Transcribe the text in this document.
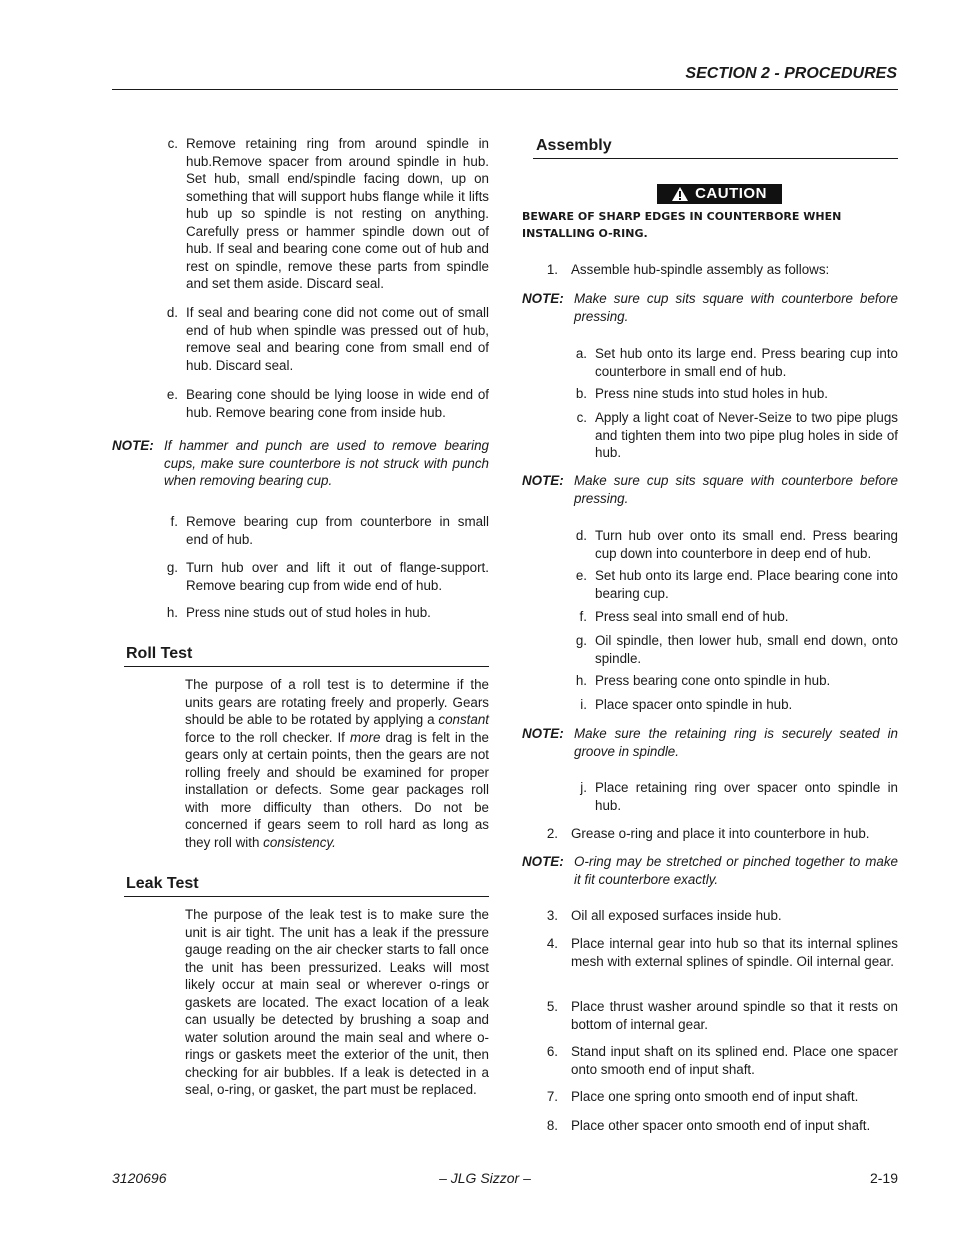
SECTION 2 - PROCEDURES
c. Remove retaining ring from around spindle in hub.Remove spacer from around spindle in hub. Set hub, small end/spindle facing down, up on something that will support hubs flange while it lifts hub up so spindle is not resting on anything. Carefully press or hammer spindle down out of hub. If seal and bearing cone come out of hub and rest on spindle, remove these parts from spindle and set them aside. Discard seal.
d. If seal and bearing cone did not come out of small end of hub when spindle was pressed out of hub, remove seal and bearing cone from small end of hub. Discard seal.
e. Bearing cone should be lying loose in wide end of hub. Remove bearing cone from inside hub.
NOTE: If hammer and punch are used to remove bearing cups, make sure counterbore is not struck with punch when removing bearing cup.
f. Remove bearing cup from counterbore in small end of hub.
g. Turn hub over and lift it out of flange-support. Remove bearing cup from wide end of hub.
h. Press nine studs out of stud holes in hub.
Roll Test
The purpose of a roll test is to determine if the units gears are rotating freely and properly. Gears should be able to be rotated by applying a constant force to the roll checker. If more drag is felt in the gears only at certain points, then the gears are not rolling freely and should be examined for proper installation or defects. Some gear packages roll with more difficulty than others. Do not be concerned if gears seem to roll hard as long as they roll with consistency.
Leak Test
The purpose of the leak test is to make sure the unit is air tight. The unit has a leak if the pressure gauge reading on the air checker starts to fall once the unit has been pressurized. Leaks will most likely occur at main seal or wherever o-rings or gaskets are located. The exact location of a leak can usually be detected by brushing a soap and water solution around the main seal and where o-rings or gaskets meet the exterior of the unit, then checking for air bubbles. If a leak is detected in a seal, o-ring, or gasket, the part must be replaced.
Assembly
CAUTION
BEWARE OF SHARP EDGES IN COUNTERBORE WHEN INSTALLING O-RING.
1. Assemble hub-spindle assembly as follows:
NOTE: Make sure cup sits square with counterbore before pressing.
a. Set hub onto its large end. Press bearing cup into counterbore in small end of hub.
b. Press nine studs into stud holes in hub.
c. Apply a light coat of Never-Seize to two pipe plugs and tighten them into two pipe plug holes in side of hub.
NOTE: Make sure cup sits square with counterbore before pressing.
d. Turn hub over onto its small end. Press bearing cup down into counterbore in deep end of hub.
e. Set hub onto its large end. Place bearing cone into bearing cup.
f. Press seal into small end of hub.
g. Oil spindle, then lower hub, small end down, onto spindle.
h. Press bearing cone onto spindle in hub.
i. Place spacer onto spindle in hub.
NOTE: Make sure the retaining ring is securely seated in groove in spindle.
j. Place retaining ring over spacer onto spindle in hub.
2. Grease o-ring and place it into counterbore in hub.
NOTE: O-ring may be stretched or pinched together to make it fit counterbore exactly.
3. Oil all exposed surfaces inside hub.
4. Place internal gear into hub so that its internal splines mesh with external splines of spindle. Oil internal gear.
5. Place thrust washer around spindle so that it rests on bottom of internal gear.
6. Stand input shaft on its splined end. Place one spacer onto smooth end of input shaft.
7. Place one spring onto smooth end of input shaft.
8. Place other spacer onto smooth end of input shaft.
3120696	– JLG Sizzor –	2-19
